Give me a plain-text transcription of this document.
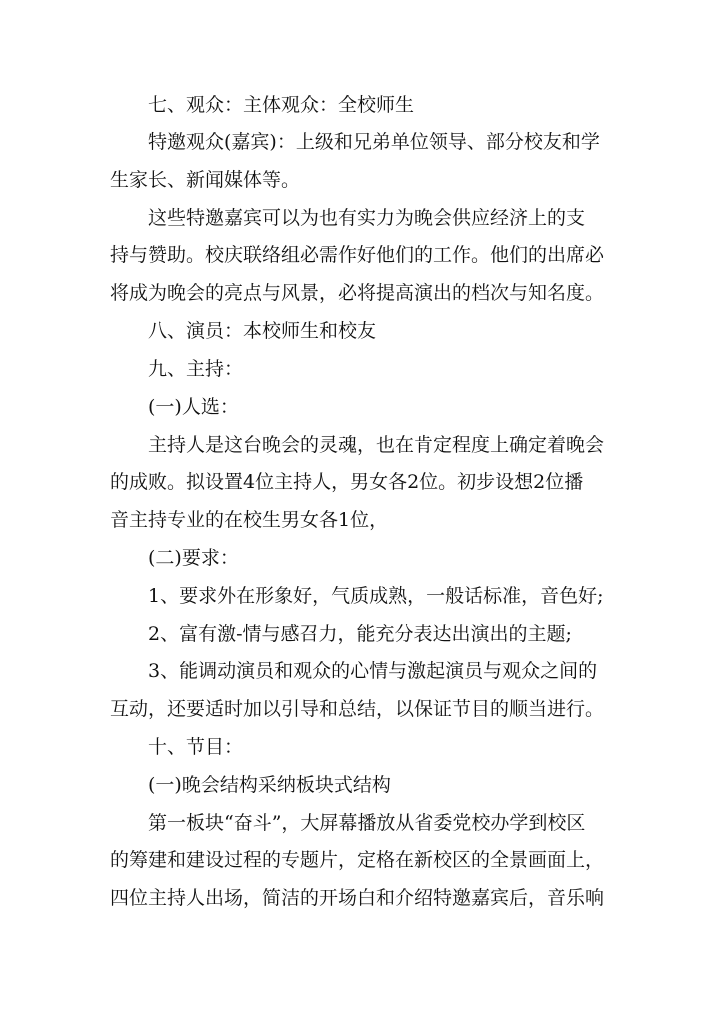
七、观众：主体观众：全校师生
特邀观众(嘉宾)：上级和兄弟单位领导、部分校友和学
生家长、新闻媒体等。
这些特邀嘉宾可以为也有实力为晚会供应经济上的支
持与赞助。校庆联络组必需作好他们的工作。他们的出席必
将成为晚会的亮点与风景，必将提高演出的档次与知名度。
八、演员：本校师生和校友
九、主持：
(一)人选：
主持人是这台晚会的灵魂，也在肯定程度上确定着晚会
的成败。拟设置4位主持人，男女各2位。初步设想2位播
音主持专业的在校生男女各1位，
(二)要求：
1、要求外在形象好，气质成熟，一般话标准，音色好;
2、富有激-情与感召力，能充分表达出演出的主题;
3、能调动演员和观众的心情与激起演员与观众之间的
互动，还要适时加以引导和总结，以保证节目的顺当进行。
十、节目：
(一)晚会结构采纳板块式结构
第一板块“奋斗”，大屏幕播放从省委党校办学到校区
的筹建和建设过程的专题片，定格在新校区的全景画面上，
四位主持人出场，简洁的开场白和介绍特邀嘉宾后，音乐响
